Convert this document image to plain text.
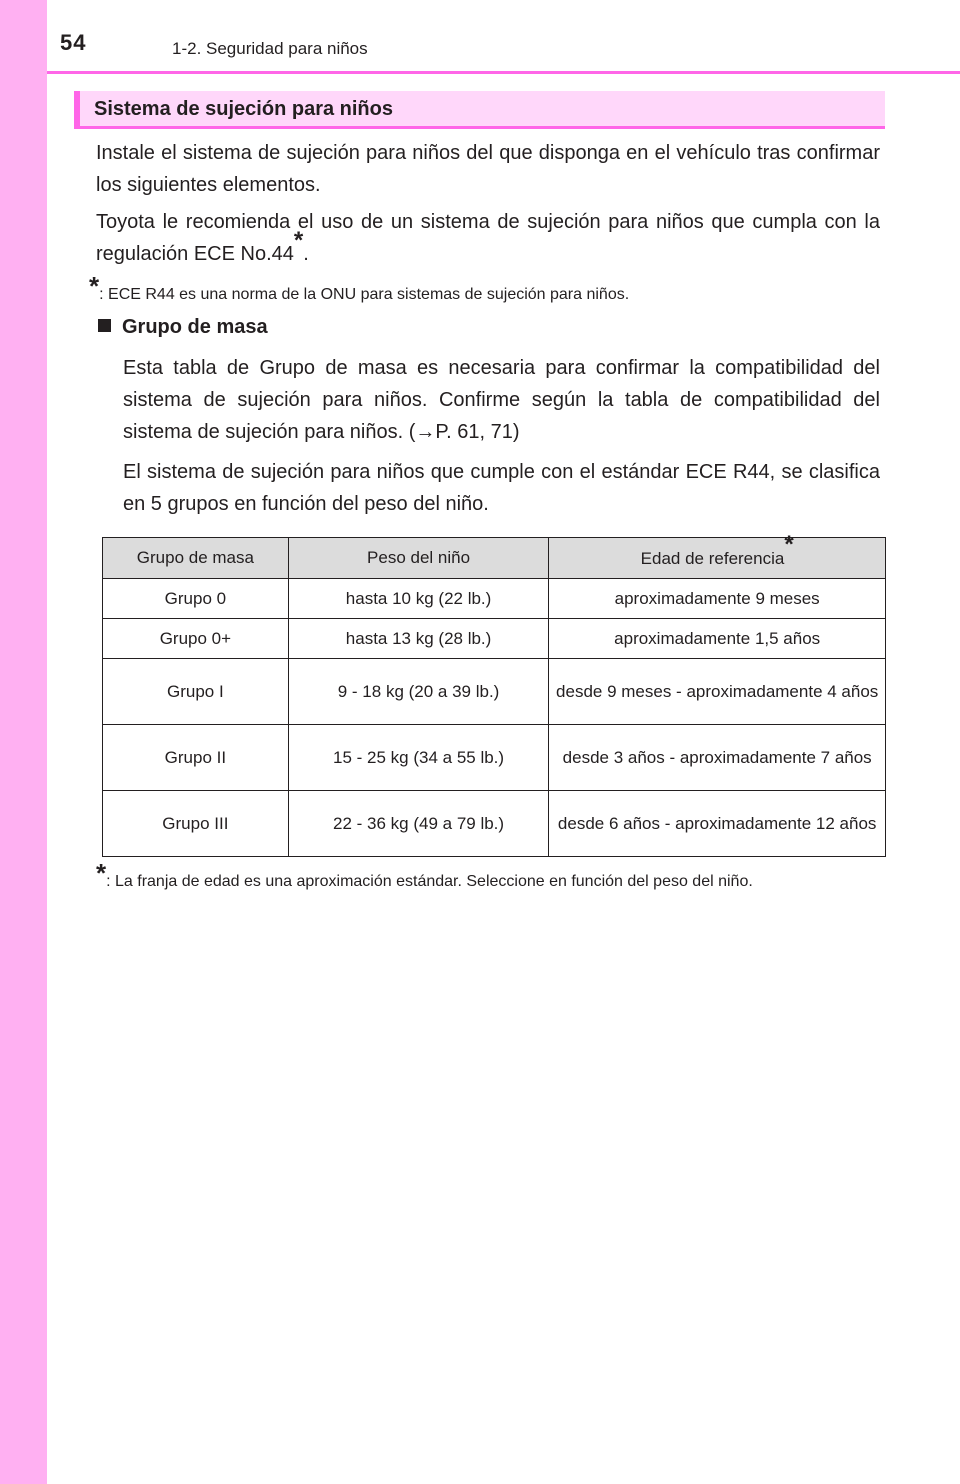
54	1-2. Seguridad para niños
Sistema de sujeción para niños
Instale el sistema de sujeción para niños del que disponga en el vehículo tras confirmar los siguientes elementos.
Toyota le recomienda el uso de un sistema de sujeción para niños que cumpla con la regulación ECE No.44*.
*: ECE R44 es una norma de la ONU para sistemas de sujeción para niños.
Grupo de masa
Esta tabla de Grupo de masa es necesaria para confirmar la compatibilidad del sistema de sujeción para niños. Confirme según la tabla de compatibilidad del sistema de sujeción para niños. (→P. 61, 71)
El sistema de sujeción para niños que cumple con el estándar ECE R44, se clasifica en 5 grupos en función del peso del niño.
Grupo de masa	Peso del niño	Edad de referencia*
Grupo 0	hasta 10 kg (22 lb.)	aproximadamente 9 meses
Grupo 0+	hasta 13 kg (28 lb.)	aproximadamente 1,5 años
Grupo I	9 - 18 kg (20 a 39 lb.)	desde 9 meses - aproximadamente 4 años
Grupo II	15 - 25 kg (34 a 55 lb.)	desde 3 años - aproximadamente 7 años
Grupo III	22 - 36 kg (49 a 79 lb.)	desde 6 años - aproximadamente 12 años
*: La franja de edad es una aproximación estándar. Seleccione en función del peso del niño.
